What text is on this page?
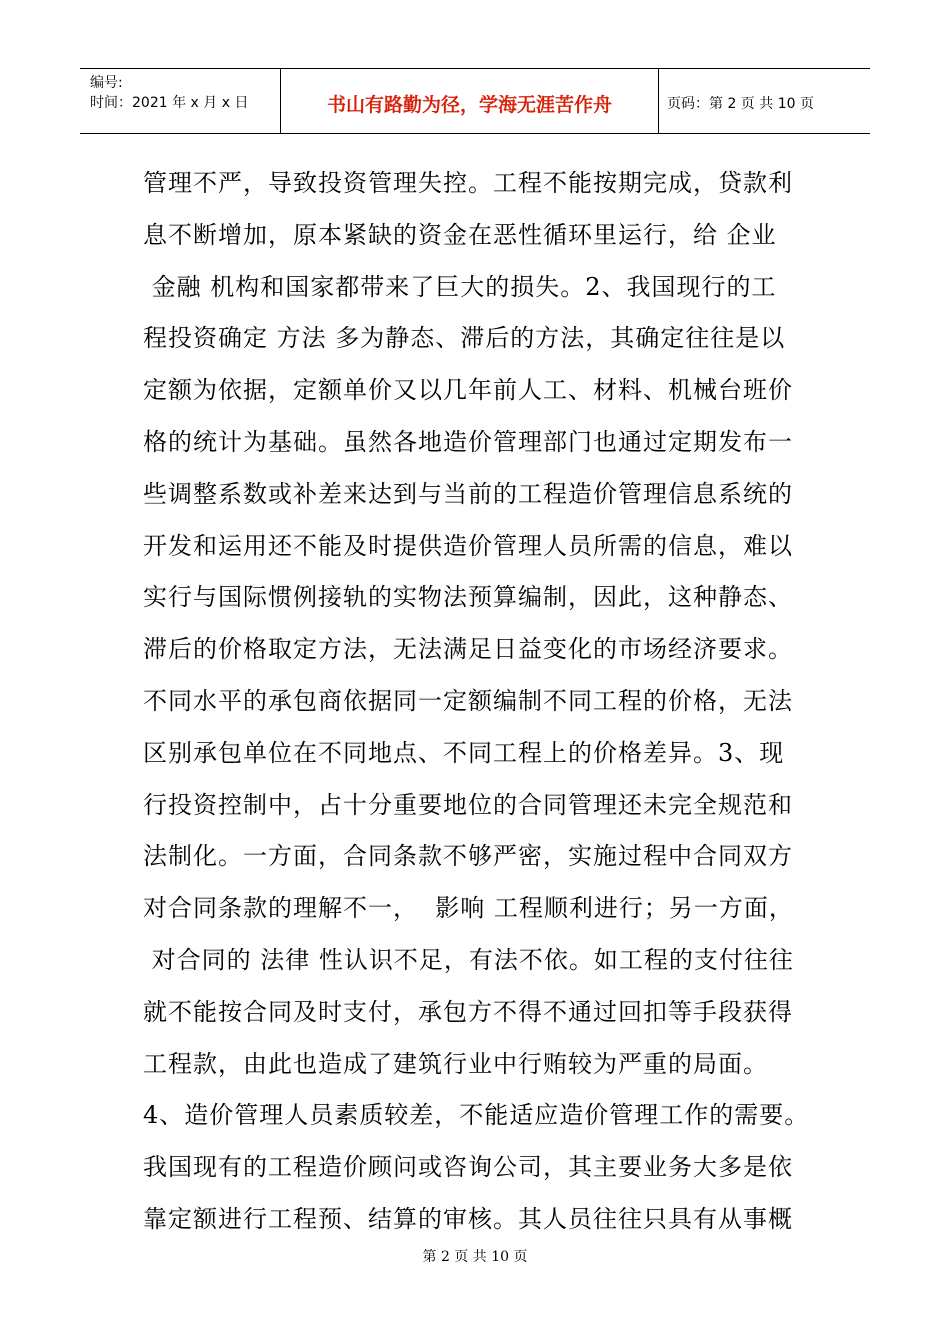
编号:
时间：2021 年 x 月 x 日	书山有路勤为径，学海无涯苦作舟	页码：第 2 页 共 10 页
管理不严，导致投资管理失控。工程不能按期完成，贷款利
息不断增加，原本紧缺的资金在恶性循环里运行，给 企业
金融 机构和国家都带来了巨大的损失。2、我国现行的工
程投资确定 方法 多为静态、滞后的方法，其确定往往是以
定额为依据，定额单价又以几年前人工、材料、机械台班价
格的统计为基础。虽然各地造价管理部门也通过定期发布一
些调整系数或补差来达到与当前的工程造价管理信息系统的
开发和运用还不能及时提供造价管理人员所需的信息，难以
实行与国际惯例接轨的实物法预算编制，因此，这种静态、
滞后的价格取定方法，无法满足日益变化的市场经济要求。
不同水平的承包商依据同一定额编制不同工程的价格，无法
区别承包单位在不同地点、不同工程上的价格差异。3、现
行投资控制中，占十分重要地位的合同管理还未完全规范和
法制化。一方面，合同条款不够严密，实施过程中合同双方
对合同条款的理解不一，  影响 工程顺利进行；另一方面，
对合同的 法律 性认识不足，有法不依。如工程的支付往往
就不能按合同及时支付，承包方不得不通过回扣等手段获得
工程款，由此也造成了建筑行业中行贿较为严重的局面。
4、造价管理人员素质较差，不能适应造价管理工作的需要。
我国现有的工程造价顾问或咨询公司，其主要业务大多是依
靠定额进行工程预、结算的审核。其人员往往只具有从事概
第 2 页 共 10 页
